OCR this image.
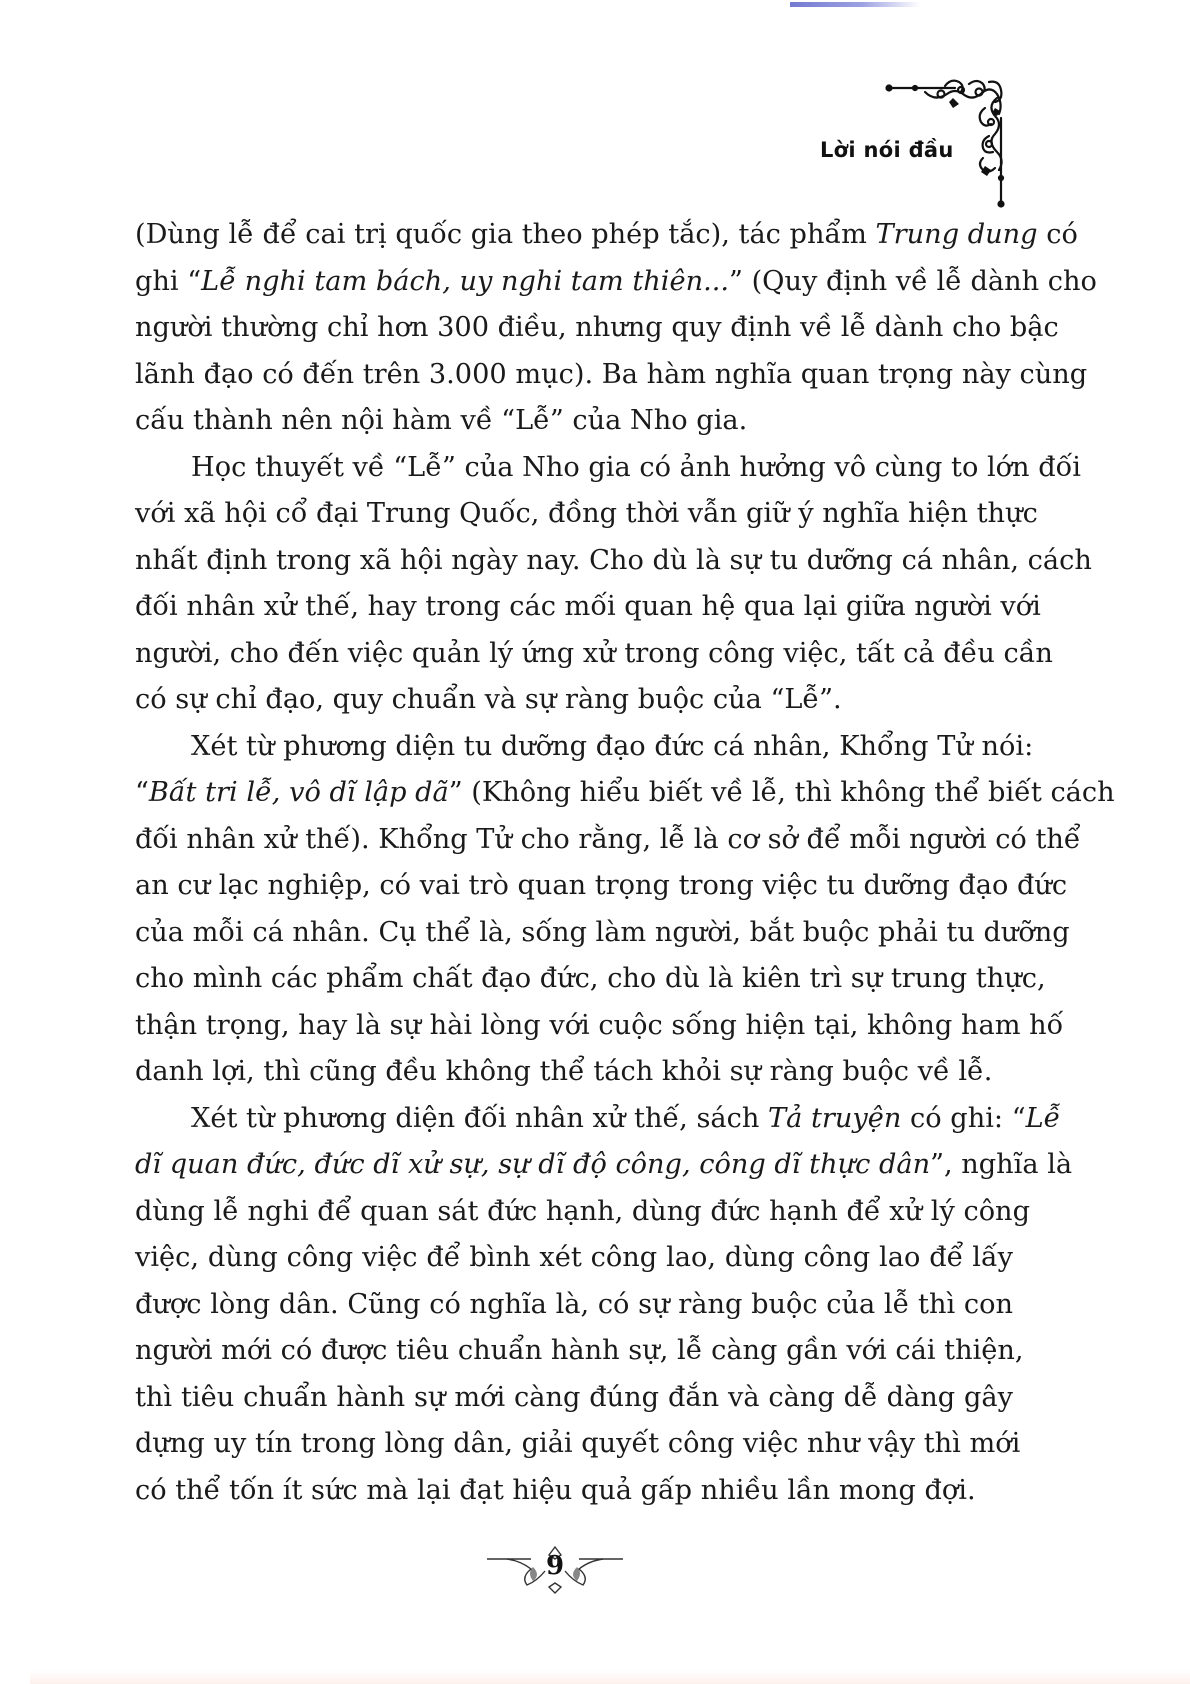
Lời nói đầu
(Dùng lễ để cai trị quốc gia theo phép tắc), tác phẩm Trung dung có
ghi “Lễ nghi tam bách, uy nghi tam thiên...” (Quy định về lễ dành cho
người thường chỉ hơn 300 điều, nhưng quy định về lễ dành cho bậc
lãnh đạo có đến trên 3.000 mục). Ba hàm nghĩa quan trọng này cùng
cấu thành nên nội hàm về “Lễ” của Nho gia.
Học thuyết về “Lễ” của Nho gia có ảnh hưởng vô cùng to lớn đối
với xã hội cổ đại Trung Quốc, đồng thời vẫn giữ ý nghĩa hiện thực
nhất định trong xã hội ngày nay. Cho dù là sự tu dưỡng cá nhân, cách
đối nhân xử thế, hay trong các mối quan hệ qua lại giữa người với
người, cho đến việc quản lý ứng xử trong công việc, tất cả đều cần
có sự chỉ đạo, quy chuẩn và sự ràng buộc của “Lễ”.
Xét từ phương diện tu dưỡng đạo đức cá nhân, Khổng Tử nói:
“Bất tri lễ, vô dĩ lập dã” (Không hiểu biết về lễ, thì không thể biết cách
đối nhân xử thế). Khổng Tử cho rằng, lễ là cơ sở để mỗi người có thể
an cư lạc nghiệp, có vai trò quan trọng trong việc tu dưỡng đạo đức
của mỗi cá nhân. Cụ thể là, sống làm người, bắt buộc phải tu dưỡng
cho mình các phẩm chất đạo đức, cho dù là kiên trì sự trung thực,
thận trọng, hay là sự hài lòng với cuộc sống hiện tại, không ham hố
danh lợi, thì cũng đều không thể tách khỏi sự ràng buộc về lễ.
Xét từ phương diện đối nhân xử thế, sách Tả truyện có ghi: “Lễ
dĩ quan đức, đức dĩ xử sự, sự dĩ độ công, công dĩ thực dân”, nghĩa là
dùng lễ nghi để quan sát đức hạnh, dùng đức hạnh để xử lý công
việc, dùng công việc để bình xét công lao, dùng công lao để lấy
được lòng dân. Cũng có nghĩa là, có sự ràng buộc của lễ thì con
người mới có được tiêu chuẩn hành sự, lễ càng gần với cái thiện,
thì tiêu chuẩn hành sự mới càng đúng đắn và càng dễ dàng gây
dựng uy tín trong lòng dân, giải quyết công việc như vậy thì mới
có thể tốn ít sức mà lại đạt hiệu quả gấp nhiều lần mong đợi.
9
